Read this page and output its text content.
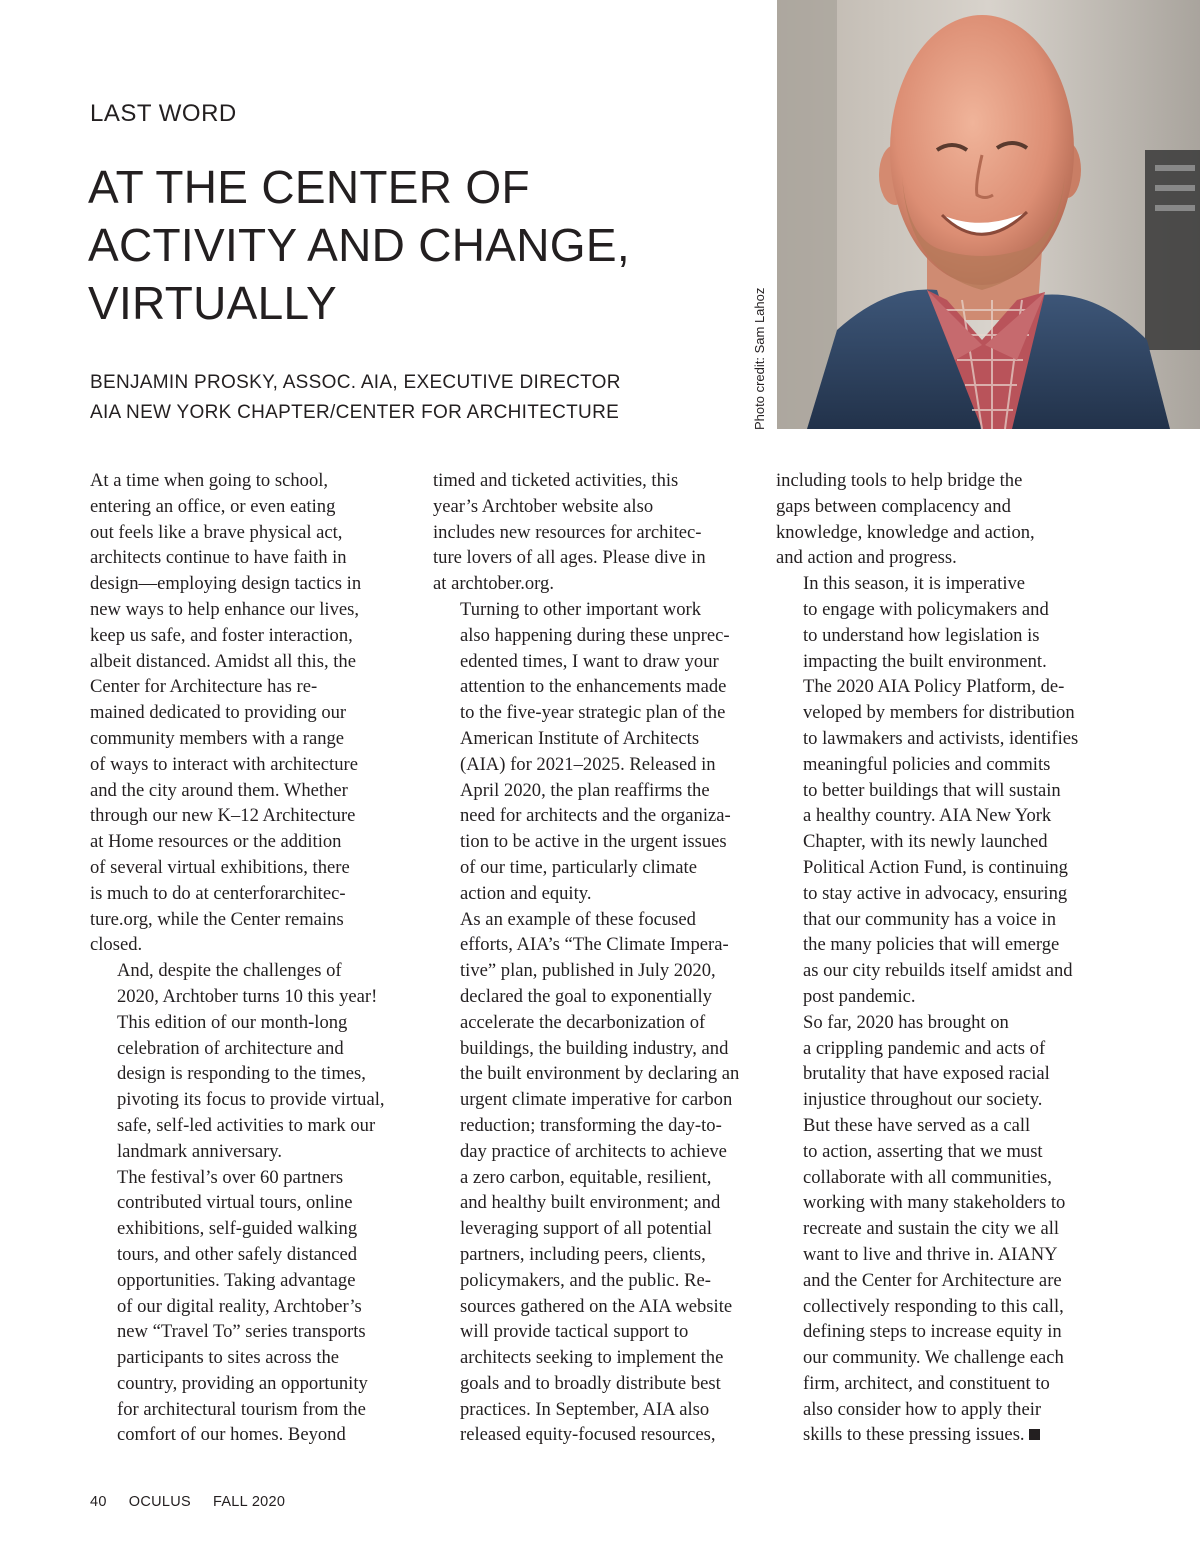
LAST WORD
AT THE CENTER OF
ACTIVITY AND CHANGE,
VIRTUALLY
BENJAMIN PROSKY, ASSOC. AIA, EXECUTIVE DIRECTOR
AIA NEW YORK CHAPTER/CENTER FOR ARCHITECTURE	Photo credit: Sam Lahoz

At a time when going to school,
entering an office, or even eating
out feels like a brave physical act,
architects continue to have faith in
design—employing design tactics in
new ways to help enhance our lives,
keep us safe, and foster interaction,
albeit distanced. Amidst all this, the
Center for Architecture has re-
mained dedicated to providing our
community members with a range
of ways to interact with architecture
and the city around them. Whether
through our new K–12 Architecture
at Home resources or the addition
of several virtual exhibitions, there
is much to do at centerforarchitec-
ture.org, while the Center remains
closed.

And, despite the challenges of
2020, Archtober turns 10 this year!
This edition of our month-long
celebration of architecture and
design is responding to the times,
pivoting its focus to provide virtual,
safe, self-led activities to mark our
landmark anniversary.

The festival’s over 60 partners
contributed virtual tours, online
exhibitions, self-guided walking
tours, and other safely distanced
opportunities. Taking advantage
of our digital reality, Archtober’s
new “Travel To” series transports
participants to sites across the
country, providing an opportunity
for architectural tourism from the
comfort of our homes. Beyond

timed and ticketed activities, this
year’s Archtober website also
includes new resources for architec-
ture lovers of all ages. Please dive in
at archtober.org.

Turning to other important work
also happening during these unprec-
edented times, I want to draw your
attention to the enhancements made
to the five-year strategic plan of the
American Institute of Architects
(AIA) for 2021–2025. Released in
April 2020, the plan reaffirms the
need for architects and the organiza-
tion to be active in the urgent issues
of our time, particularly climate
action and equity.

As an example of these focused
efforts, AIA’s “The Climate Impera-
tive” plan, published in July 2020,
declared the goal to exponentially
accelerate the decarbonization of
buildings, the building industry, and
the built environment by declaring an
urgent climate imperative for carbon
reduction; transforming the day-to-
day practice of architects to achieve
a zero carbon, equitable, resilient,
and healthy built environment; and
leveraging support of all potential
partners, including peers, clients,
policymakers, and the public. Re-
sources gathered on the AIA website
will provide tactical support to
architects seeking to implement the
goals and to broadly distribute best
practices. In September, AIA also
released equity-focused resources,

including tools to help bridge the
gaps between complacency and
knowledge, knowledge and action,
and action and progress.

In this season, it is imperative
to engage with policymakers and
to understand how legislation is
impacting the built environment.
The 2020 AIA Policy Platform, de-
veloped by members for distribution
to lawmakers and activists, identifies
meaningful policies and commits
to better buildings that will sustain
a healthy country. AIA New York
Chapter, with its newly launched
Political Action Fund, is continuing
to stay active in advocacy, ensuring
that our community has a voice in
the many policies that will emerge
as our city rebuilds itself amidst and
post pandemic.

So far, 2020 has brought on
a crippling pandemic and acts of
brutality that have exposed racial
injustice throughout our society.
But these have served as a call
to action, asserting that we must
collaborate with all communities,
working with many stakeholders to
recreate and sustain the city we all
want to live and thrive in. AIANY
and the Center for Architecture are
collectively responding to this call,
defining steps to increase equity in
our community. We challenge each
firm, architect, and constituent to
also consider how to apply their
skills to these pressing issues.

40 OCULUS FALL 2020
